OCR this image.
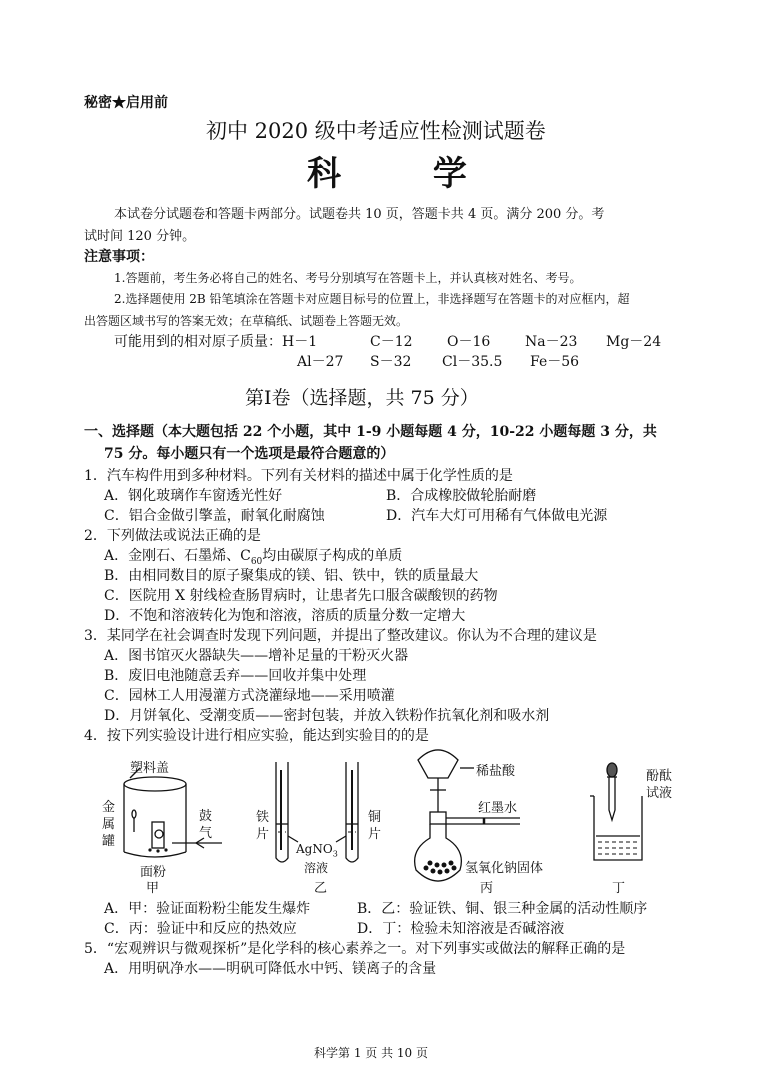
秘密★启用前
初中 2020 级中考适应性检测试题卷
科 学
本试卷分试题卷和答题卡两部分。试题卷共 10 页，答题卡共 4 页。满分 200 分。考
试时间 120 分钟。
注意事项：
1.答题前，考生务必将自己的姓名、考号分别填写在答题卡上，并认真核对姓名、考号。
2.选择题使用 2B 铅笔填涂在答题卡对应题目标号的位置上，非选择题写在答题卡的对应框内，超
出答题区域书写的答案无效；在草稿纸、试题卷上答题无效。
可能用到的相对原子质量： H－1	C－12 O－16 Na－23 Mg－24
Al－27 S－32 Cl－35.5 Fe－56
第Ⅰ卷（选择题，共 75 分）
一、选择题（本大题包括 22 个小题，其中 1-9 小题每题 4 分，10-22 小题每题 3 分，共
75 分。每小题只有一个选项是最符合题意的）
1．汽车构件用到多种材料。下列有关材料的描述中属于化学性质的是
A．钢化玻璃作车窗透光性好	B．合成橡胶做轮胎耐磨
C．铝合金做引擎盖，耐氧化耐腐蚀	D．汽车大灯可用稀有气体做电光源
2．下列做法或说法正确的是
A．金刚石、石墨烯、$C_{60}$均由碳原子构成的单质
B．由相同数目的原子聚集成的镁、铝、铁中，铁的质量最大
C．医院用 X 射线检查肠胃病时，让患者先口服含碳酸钡的药物
D．不饱和溶液转化为饱和溶液，溶质的质量分数一定增大
3．某同学在社会调查时发现下列问题，并提出了整改建议。你认为不合理的建议是
A．图书馆灭火器缺失——增补足量的干粉灭火器
B．废旧电池随意丢弃——回收并集中处理
C．园林工人用漫灌方式浇灌绿地——采用喷灌
D．月饼氧化、受潮变质——密封包装，并放入铁粉作抗氧化剂和吸水剂
4．按下列实验设计进行相应实验，能达到实验目的的是
塑料盖
金
属
罐
鼓
气
面粉
甲
铁
片
铜
片
AgNO$_3$
溶液
乙
稀盐酸
红墨水
氢氧化钠固体
丙
酚酞
试液
丁
A．甲：验证面粉粉尘能发生爆炸	B．乙：验证铁、铜、银三种金属的活动性顺序
C．丙：验证中和反应的热效应	D．丁：检验未知溶液是否碱溶液
5．“宏观辨识与微观探析”是化学科的核心素养之一。对下列事实或做法的解释正确的是
A．用明矾净水——明矾可降低水中钙、镁离子的含量
科学第 1 页 共 10 页
